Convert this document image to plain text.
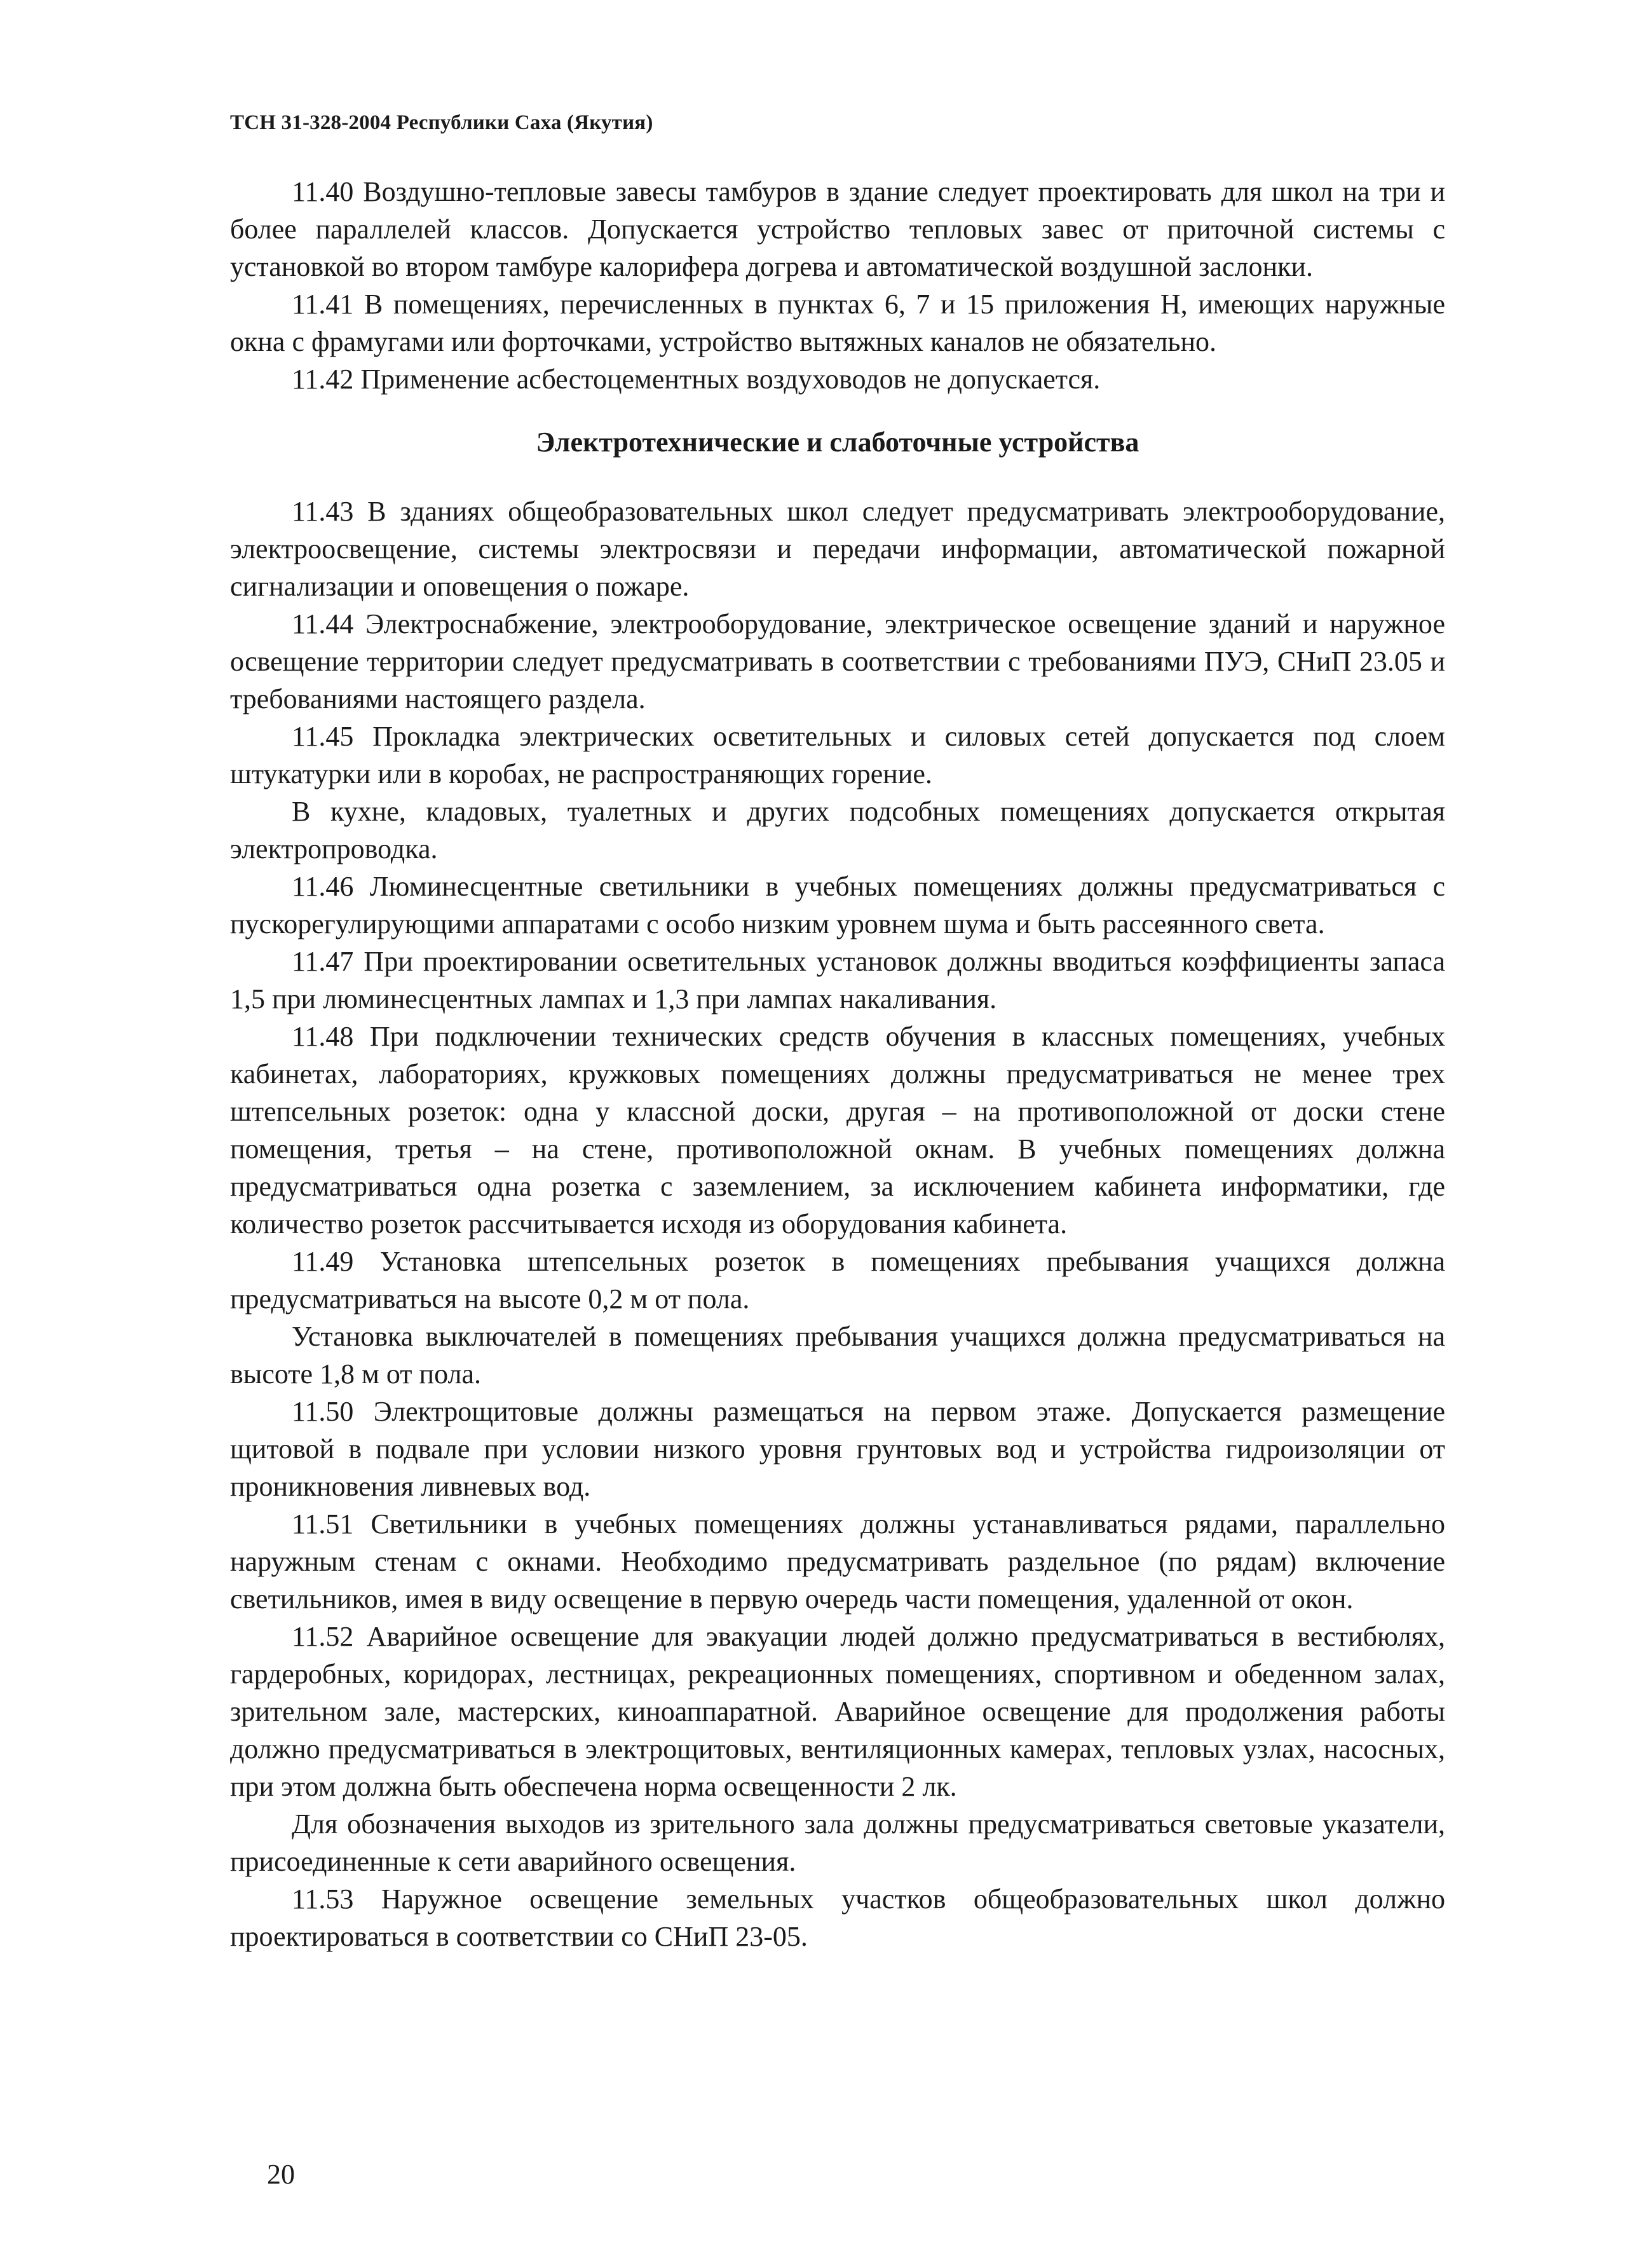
ТСН 31-328-2004 Республики Саха (Якутия)

11.40 Воздушно-тепловые завесы тамбуров в здание следует проектировать для школ на три и более параллелей классов. Допускается устройство тепловых завес от приточной системы с установкой во втором тамбуре калорифера догрева и автоматической воздушной заслонки.

11.41 В помещениях, перечисленных в пунктах 6, 7 и 15 приложения Н, имеющих наружные окна с фрамугами или форточками, устройство вытяжных каналов не обязательно.

11.42 Применение асбестоцементных воздуховодов не допускается.

Электротехнические и слаботочные устройства

11.43 В зданиях общеобразовательных школ следует предусматривать электрооборудование, электроосвещение, системы электросвязи и передачи информации, автоматической пожарной сигнализации и оповещения о пожаре.

11.44 Электроснабжение, электрооборудование, электрическое освещение зданий и наружное освещение территории следует предусматривать в соответствии с требованиями ПУЭ, СНиП 23.05 и требованиями настоящего раздела.

11.45 Прокладка электрических осветительных и силовых сетей допускается под слоем штукатурки или в коробах, не распространяющих горение.

В кухне, кладовых, туалетных и других подсобных помещениях допускается открытая электропроводка.

11.46 Люминесцентные светильники в учебных помещениях должны предусматриваться с пускорегулирующими аппаратами с особо низким уровнем шума и быть рассеянного света.

11.47 При проектировании осветительных установок должны вводиться коэффициенты запаса 1,5 при люминесцентных лампах и 1,3 при лампах накаливания.

11.48 При подключении технических средств обучения в классных помещениях, учебных кабинетах, лабораториях, кружковых помещениях должны предусматриваться не менее трех штепсельных розеток: одна у классной доски, другая – на противоположной от доски стене помещения, третья – на стене, противоположной окнам. В учебных помещениях должна предусматриваться одна розетка с заземлением, за исключением кабинета информатики, где количество розеток рассчитывается исходя из оборудования кабинета.

11.49 Установка штепсельных розеток в помещениях пребывания учащихся должна предусматриваться на высоте 0,2 м от пола.

Установка выключателей в помещениях пребывания учащихся должна предусматриваться на высоте 1,8 м от пола.

11.50 Электрощитовые должны размещаться на первом этаже. Допускается размещение щитовой в подвале при условии низкого уровня грунтовых вод и устройства гидроизоляции от проникновения ливневых вод.

11.51 Светильники в учебных помещениях должны устанавливаться рядами, параллельно наружным стенам с окнами. Необходимо предусматривать раздельное (по рядам) включение светильников, имея в виду освещение в первую очередь части помещения, удаленной от окон.

11.52 Аварийное освещение для эвакуации людей должно предусматриваться в вестибюлях, гардеробных, коридорах, лестницах, рекреационных помещениях, спортивном и обеденном залах, зрительном зале, мастерских, киноаппаратной. Аварийное освещение для продолжения работы должно предусматриваться в электрощитовых, вентиляционных камерах, тепловых узлах, насосных, при этом должна быть обеспечена норма освещенности 2 лк.

Для обозначения выходов из зрительного зала должны предусматриваться световые указатели, присоединенные к сети аварийного освещения.

11.53 Наружное освещение земельных участков общеобразовательных школ должно проектироваться в соответствии со СНиП 23-05.

20
